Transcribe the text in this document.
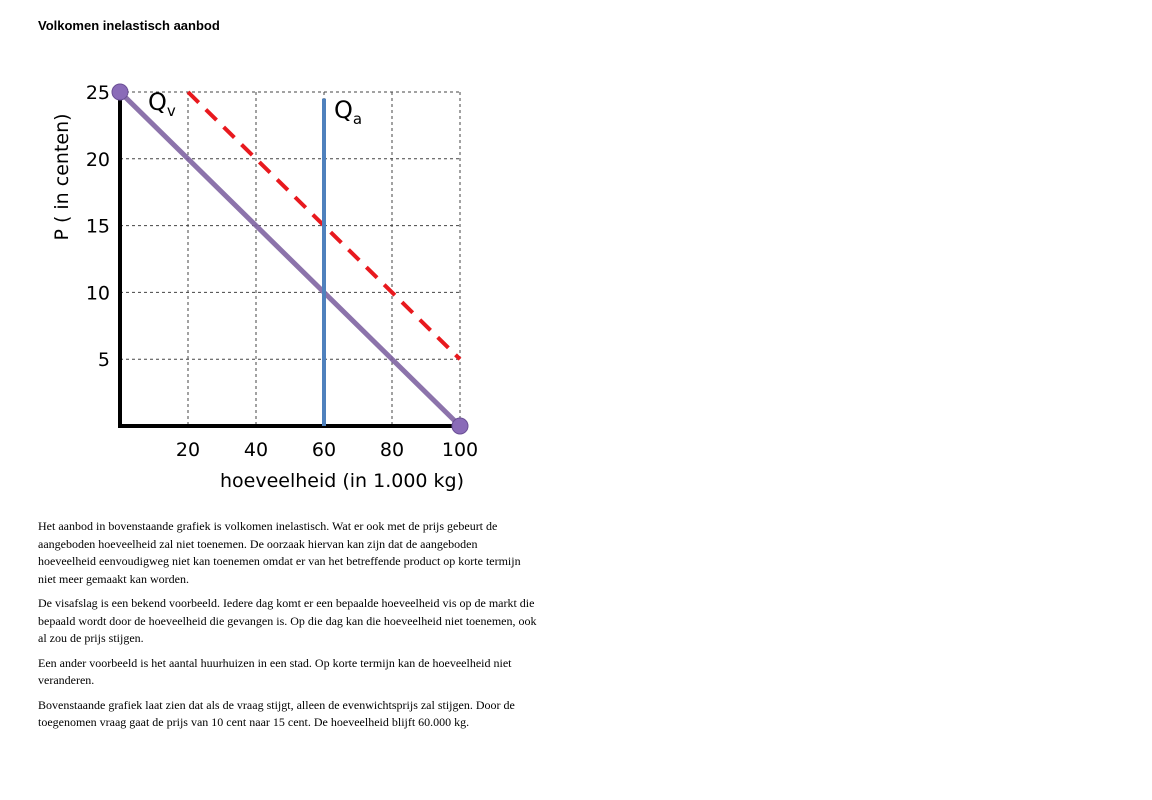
Volkomen inelastisch aanbod
$Q_v$	$Q_a$
20 40 60 80 100
5
10
15
20
25
hoeveelheid (in 1.000 kg)
P ( in centen)

Het aanbod in bovenstaande grafiek is volkomen inelastisch. Wat er ook met de prijs gebeurt de aangeboden hoeveelheid zal niet toenemen. De oorzaak hiervan kan zijn dat de aangeboden hoeveelheid eenvoudigweg niet kan toenemen omdat er van het betreffende product op korte termijn niet meer gemaakt kan worden.

De visafslag is een bekend voorbeeld. Iedere dag komt er een bepaalde hoeveelheid vis op de markt die bepaald wordt door de hoeveelheid die gevangen is. Op die dag kan die hoeveelheid niet toenemen, ook al zou de prijs stijgen.

Een ander voorbeeld is het aantal huurhuizen in een stad. Op korte termijn kan de hoeveelheid niet veranderen.

Bovenstaande grafiek laat zien dat als de vraag stijgt, alleen de evenwichtsprijs zal stijgen. Door de toegenomen vraag gaat de prijs van 10 cent naar 15 cent. De hoeveelheid blijft 60.000 kg.
